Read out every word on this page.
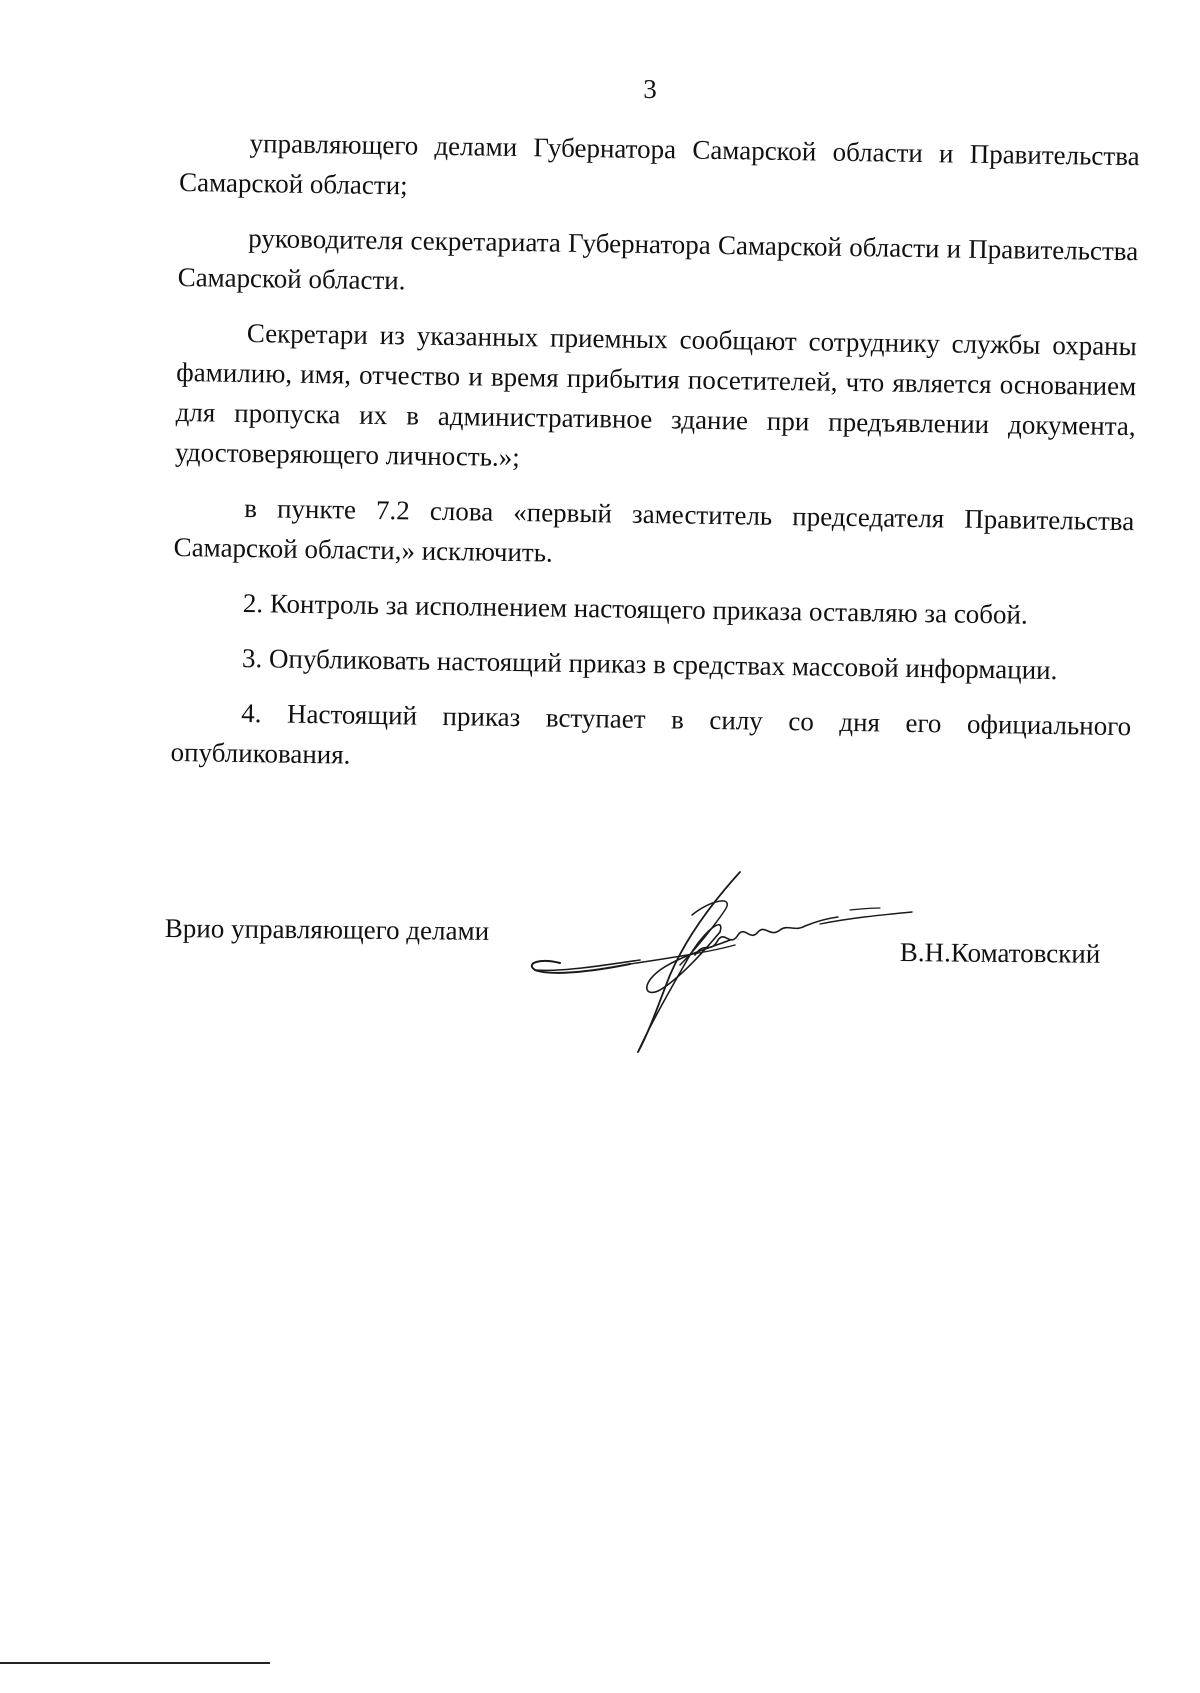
3

управляющего делами Губернатора Самарской области и Правительства Самарской области;

руководителя секретариата Губернатора Самарской области и Правительства Самарской области.

Секретари из указанных приемных сообщают сотруднику службы охраны фамилию, имя, отчество и время прибытия посетителей, что является основанием для пропуска их в административное здание при предъявлении документа, удостоверяющего личность.»;

в пункте 7.2 слова «первый заместитель председателя Правительства Самарской области,» исключить.

2. Контроль за исполнением настоящего приказа оставляю за собой.

3. Опубликовать настоящий приказ в средствах массовой информации.

4. Настоящий приказ вступает в силу со дня его официального опубликования.

Врио управляющего делами
В.Н.Коматовский
